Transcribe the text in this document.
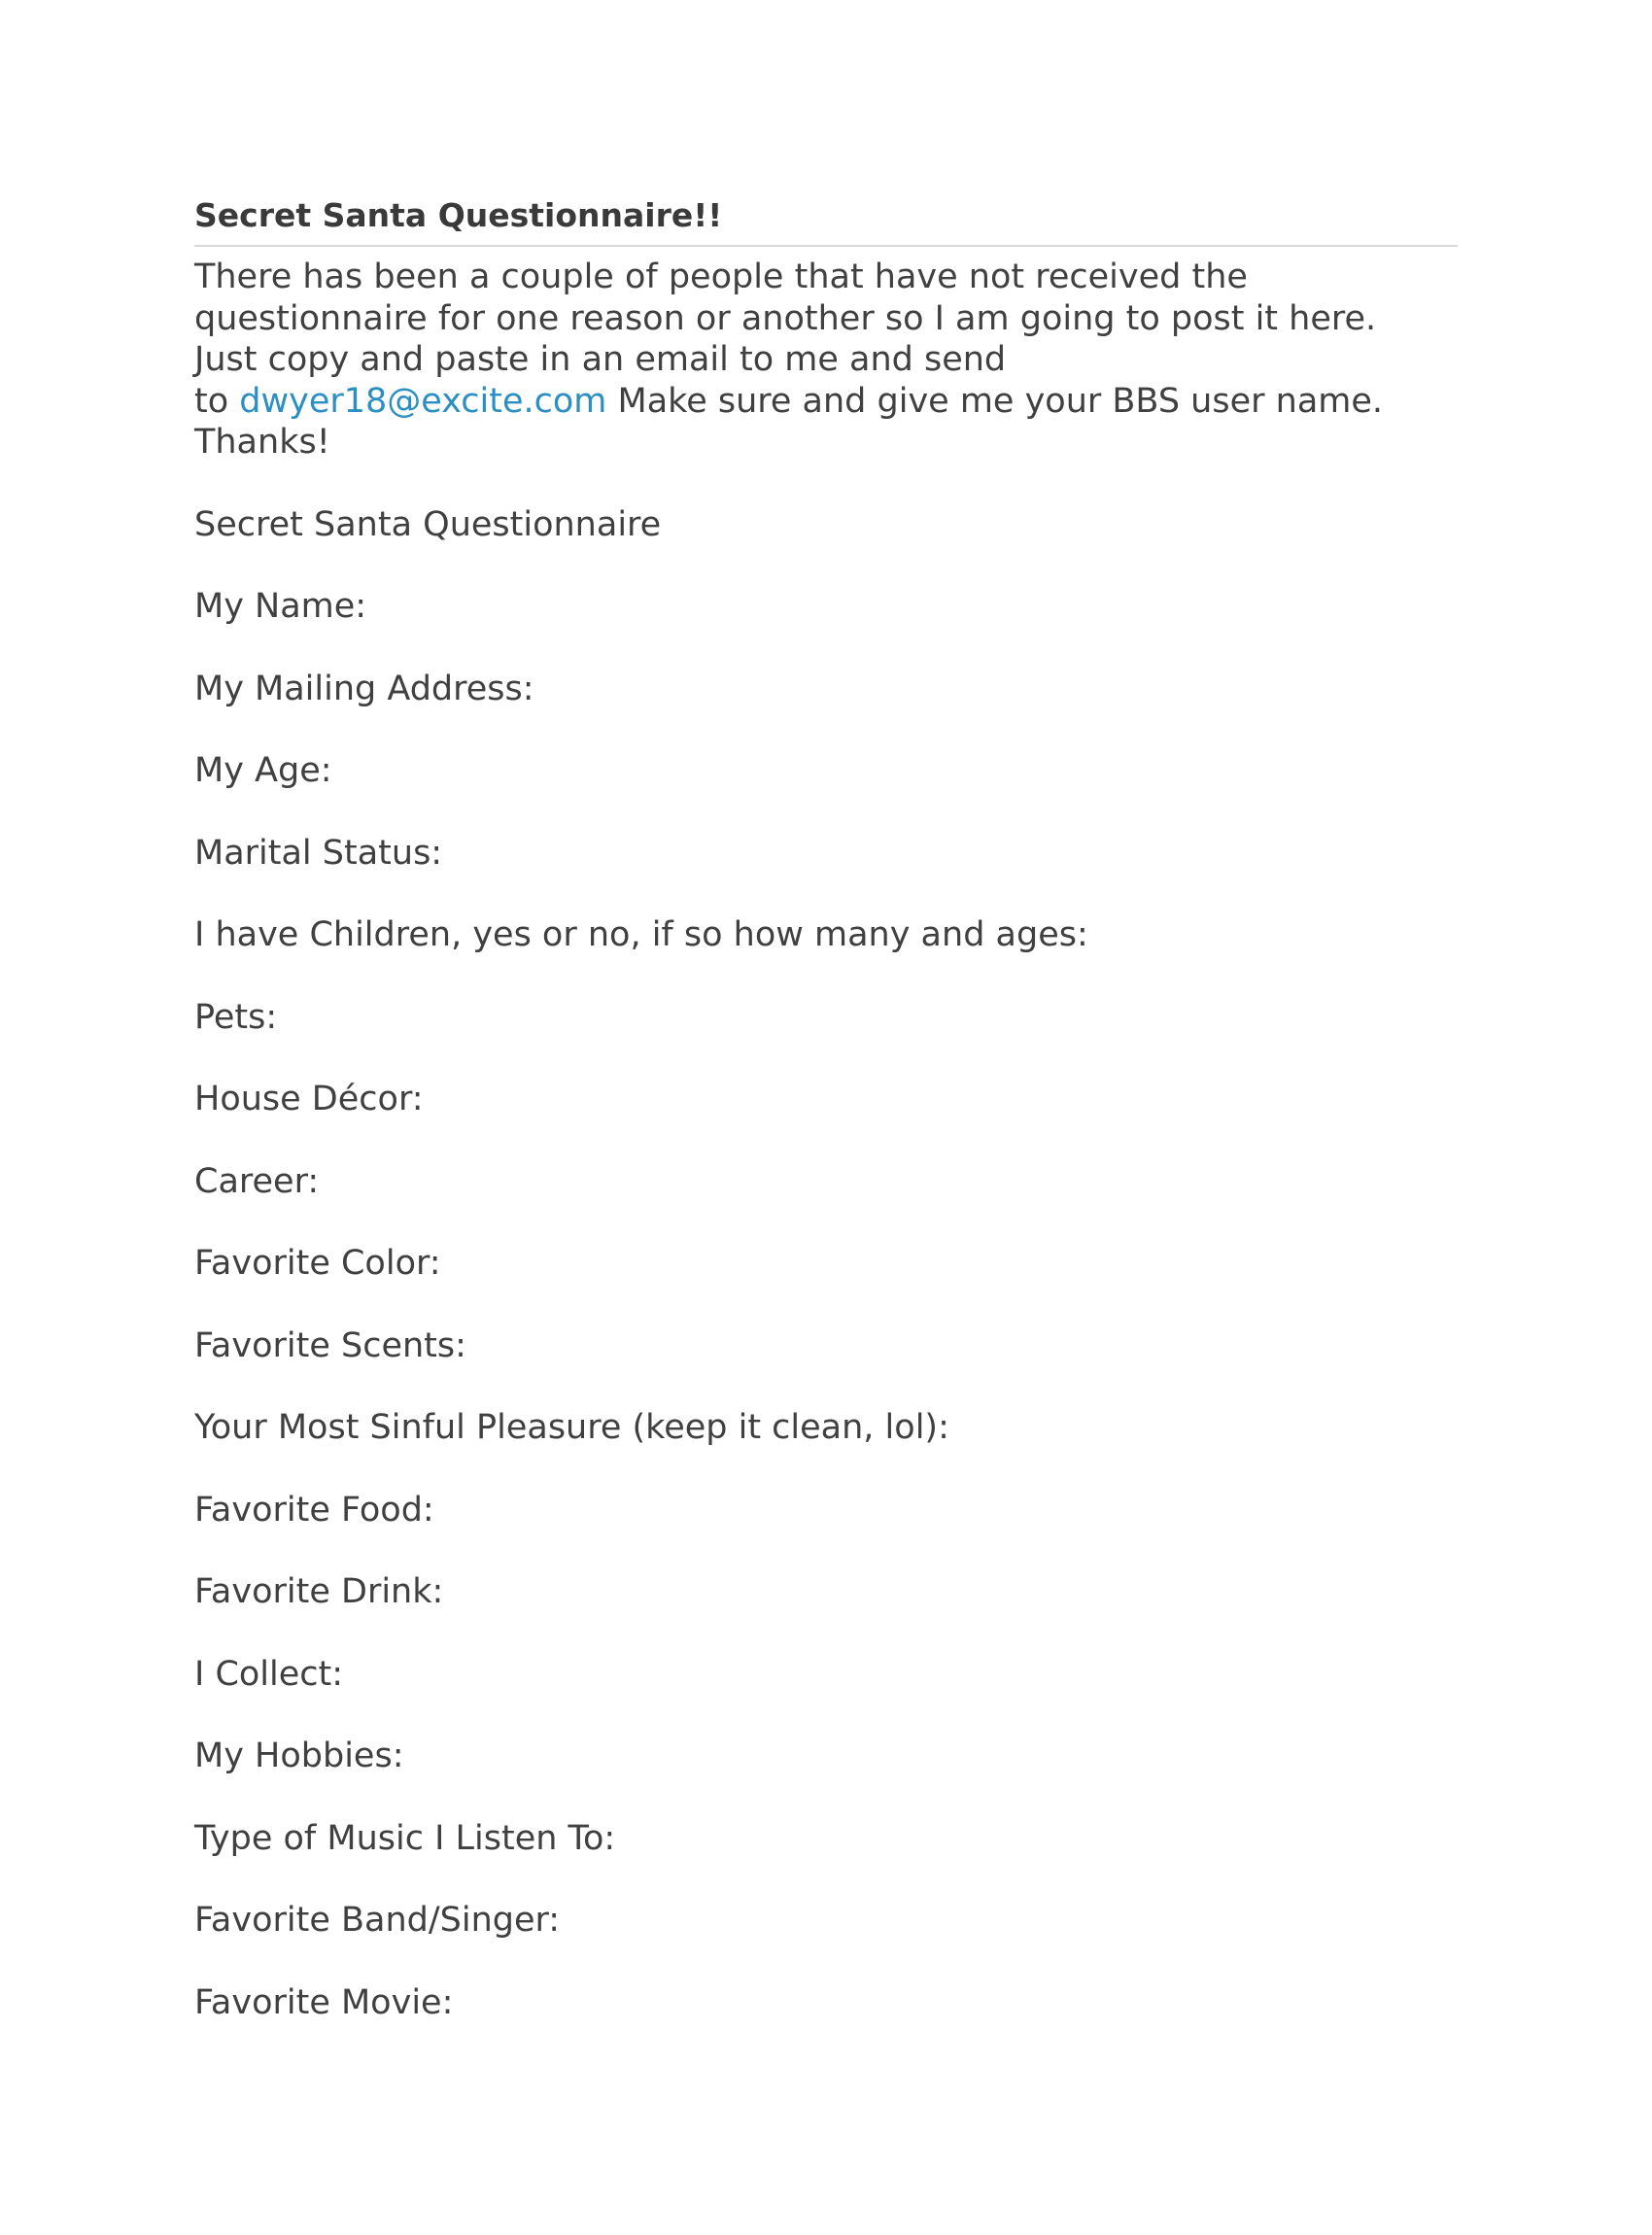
Secret Santa Questionnaire!!

There has been a couple of people that have not received the
questionnaire for one reason or another so I am going to post it here.
Just copy and paste in an email to me and send
to dwyer18@excite.com Make sure and give me your BBS user name.
Thanks!

Secret Santa Questionnaire

My Name:
My Mailing Address:
My Age:
Marital Status:
I have Children, yes or no, if so how many and ages:
Pets:
House Décor:
Career:
Favorite Color:
Favorite Scents:
Your Most Sinful Pleasure (keep it clean, lol):
Favorite Food:
Favorite Drink:
I Collect:
My Hobbies:
Type of Music I Listen To:
Favorite Band/Singer:
Favorite Movie:
